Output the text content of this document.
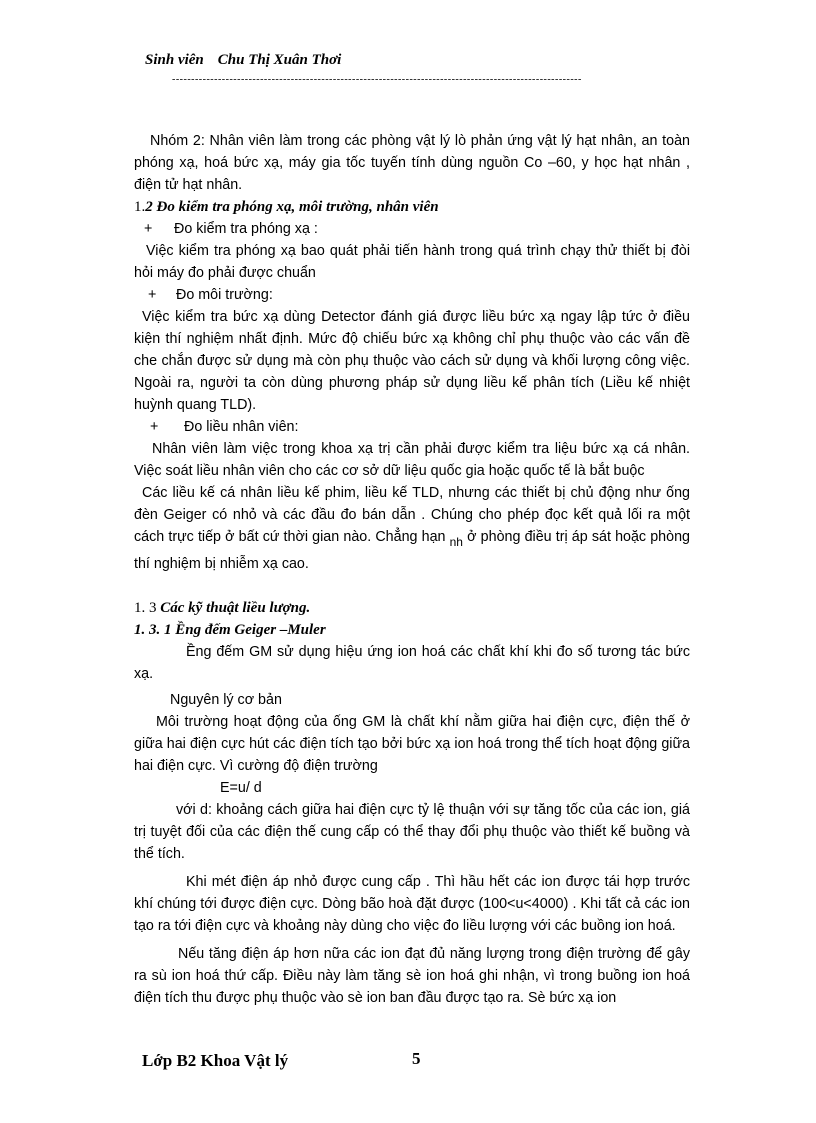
Sinh viên Chu Thị Xuân Thơi
-----------------------------------------------------------------------------------------------------------

Nhóm 2: Nhân viên làm trong các phòng vật lý lò phản ứng vật lý hạt nhân, an toàn phóng xạ, hoá bức xạ, máy gia tốc tuyến tính dùng nguồn Co –60, y học hạt nhân , điện tử hạt nhân.

1.2 Đo kiểm tra phóng xạ, môi trường, nhân viên

+ Đo kiểm tra phóng xạ :

Việc kiểm tra phóng xạ bao quát phải tiến hành trong quá trình chạy thử thiết bị đòi hỏi máy đo phải được chuẩn

+ Đo môi trường:

Việc kiểm tra bức xạ dùng Detector đánh giá được liều bức xạ ngay lập tức ở điều kiện thí nghiệm nhất định. Mức độ chiếu bức xạ không chỉ phụ thuộc vào các vấn đề che chắn được sử dụng mà còn phụ thuộc vào cách sử dụng và khối lượng công việc. Ngoài ra, người ta còn dùng phương pháp sử dụng liều kế phân tích (Liều kế nhiệt huỳnh quang TLD).

+ Đo liều nhân viên:

Nhân viên làm việc trong khoa xạ trị cần phải được kiểm tra liệu bức xạ cá nhân. Việc soát liều nhân viên cho các cơ sở dữ liệu quốc gia hoặc quốc tế là bắt buộc

Các liều kế cá nhân liều kế phim, liều kế TLD, nhưng các thiết bị chủ động như ống đèn Geiger có nhỏ và các đầu đo bán dẫn . Chúng cho phép đọc kết quả lối ra một cách trực tiếp ở bất cứ thời gian nào. Chẳng hạn $_{nh}$ ở phòng điều trị áp sát hoặc phòng thí nghiệm bị nhiễm xạ cao.

1. 3 Các kỹ thuật liều lượng.

1. 3. 1 Ềng đếm Geiger –Muler

Ềng đếm GM sử dụng hiệu ứng ion hoá các chất khí khi đo số tương tác bức xạ.

Nguyên lý cơ bản

Môi trường hoạt động của ống GM là chất khí nằm giữa hai điện cực, điện thế ở giữa hai điện cực hút các điện tích tạo bởi bức xạ ion hoá trong thể tích hoạt động giữa hai điện cực. Vì cường độ điện trường

E=u/ d

với d: khoảng cách giữa hai điện cực tỷ lệ thuận với sự tăng tốc của các ion, giá trị tuyệt đối của các điện thế cung cấp có thể thay đổi phụ thuộc vào thiết kế buồng và thể tích.

Khi mét điện áp nhỏ được cung cấp . Thì hầu hết các ion được tái hợp trước khí chúng tới được điện cực. Dòng bão hoà đặt được (100<u<4000) . Khi tất cả các ion tạo ra tới điện cực và khoảng này dùng cho việc đo liều lượng với các buồng ion hoá.

Nếu tăng điện áp hơn nữa các ion đạt đủ năng lượng trong điện trường để gây ra sù ion hoá thứ cấp. Điều này làm tăng sè ion hoá ghi nhận, vì trong buồng ion hoá điện tích thu được phụ thuộc vào sè ion ban đầu được tạo ra. Sè bức xạ ion

Lớp B2 Khoa Vật lý	5
